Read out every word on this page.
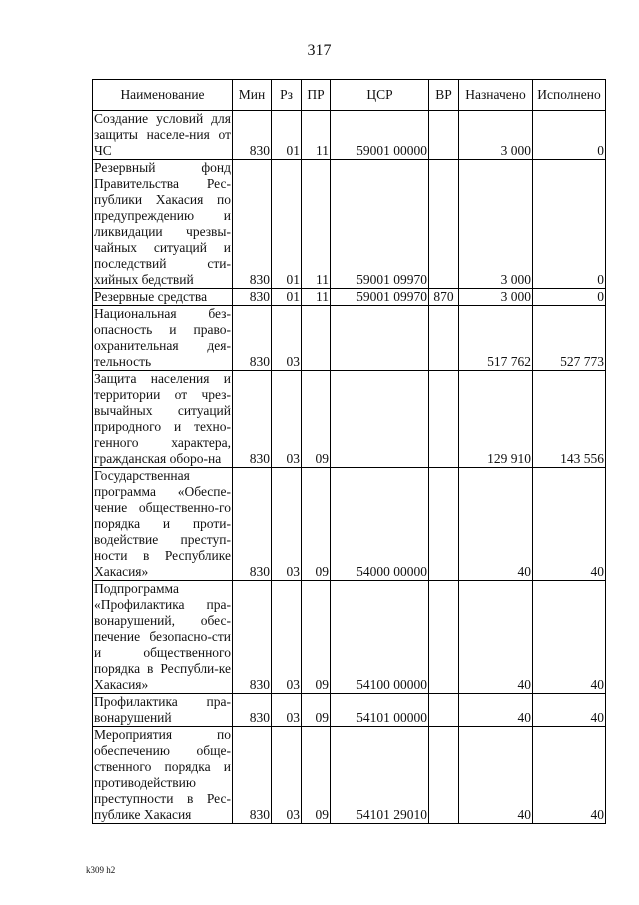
317
Наименование	Мин	Рз	ПР	ЦСР	ВР	Назначено	Исполнено
Создание условий для защиты населе-ния от ЧС	830	01	11	59001 00000		3 000	0
Резервный фонд Правительства Рес-публики Хакасия по предупреждению и ликвидации чрезвы-чайных ситуаций и последствий сти-хийных бедствий	830	01	11	59001 09970		3 000	0
Резервные средства	830	01	11	59001 09970	870	3 000	0
Национальная без-опасность и право-охранительная дея-тельность	830	03				517 762	527 773
Защита населения и территории от чрез-вычайных ситуаций природного и техно-генного характера, гражданская оборо-на	830	03	09			129 910	143 556
Государственная программа «Обеспе-чение общественно-го порядка и проти-водействие преступ-ности в Республике Хакасия»	830	03	09	54000 00000		40	40
Подпрограмма «Профилактика пра-вонарушений, обес-печение безопасно-сти и общественного порядка в Республи-ке Хакасия»	830	03	09	54100 00000		40	40
Профилактика пра-вонарушений	830	03	09	54101 00000		40	40
Мероприятия по обеспечению обще-ственного порядка и противодействию преступности в Рес-публике Хакасия	830	03	09	54101 29010		40	40
k309 h2
